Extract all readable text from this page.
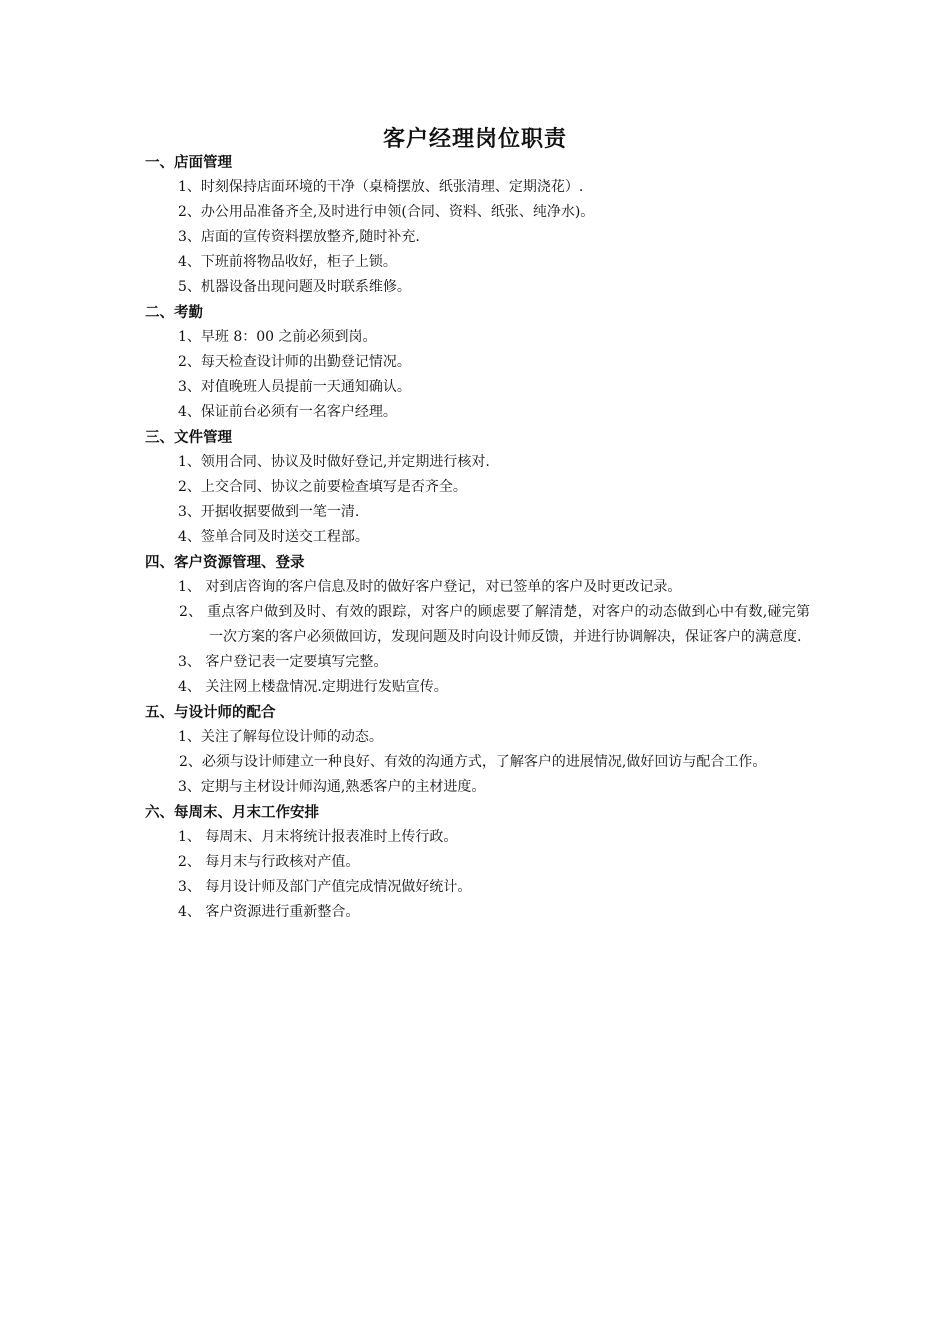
客户经理岗位职责
一、店面管理
1、时刻保持店面环境的干净（桌椅摆放、纸张清理、定期浇花）.
2、办公用品准备齐全,及时进行申领(合同、资料、纸张、纯净水)。
3、店面的宣传资料摆放整齐,随时补充.
4、下班前将物品收好，柜子上锁。
5、机器设备出现问题及时联系维修。
二、考勤
1、早班 8：00 之前必须到岗。
2、每天检查设计师的出勤登记情况。
3、对值晚班人员提前一天通知确认。
4、保证前台必须有一名客户经理。
三、文件管理
1、领用合同、协议及时做好登记,并定期进行核对.
2、上交合同、协议之前要检查填写是否齐全。
3、开据收据要做到一笔一清.
4、签单合同及时送交工程部。
四、客户资源管理、登录
1、 对到店咨询的客户信息及时的做好客户登记，对已签单的客户及时更改记录。
2、 重点客户做到及时、有效的跟踪，对客户的顾虑要了解清楚，对客户的动态做到心中有数,碰完第一次方案的客户必须做回访，发现问题及时向设计师反馈，并进行协调解决，保证客户的满意度.
3、 客户登记表一定要填写完整。
4、 关注网上楼盘情况.定期进行发贴宣传。
五、与设计师的配合
1、关注了解每位设计师的动态。
2、必须与设计师建立一种良好、有效的沟通方式，了解客户的进展情况,做好回访与配合工作。
3、定期与主材设计师沟通,熟悉客户的主材进度。
六、每周末、月末工作安排
1、 每周末、月末将统计报表准时上传行政。
2、 每月末与行政核对产值。
3、 每月设计师及部门产值完成情况做好统计。
4、 客户资源进行重新整合。
